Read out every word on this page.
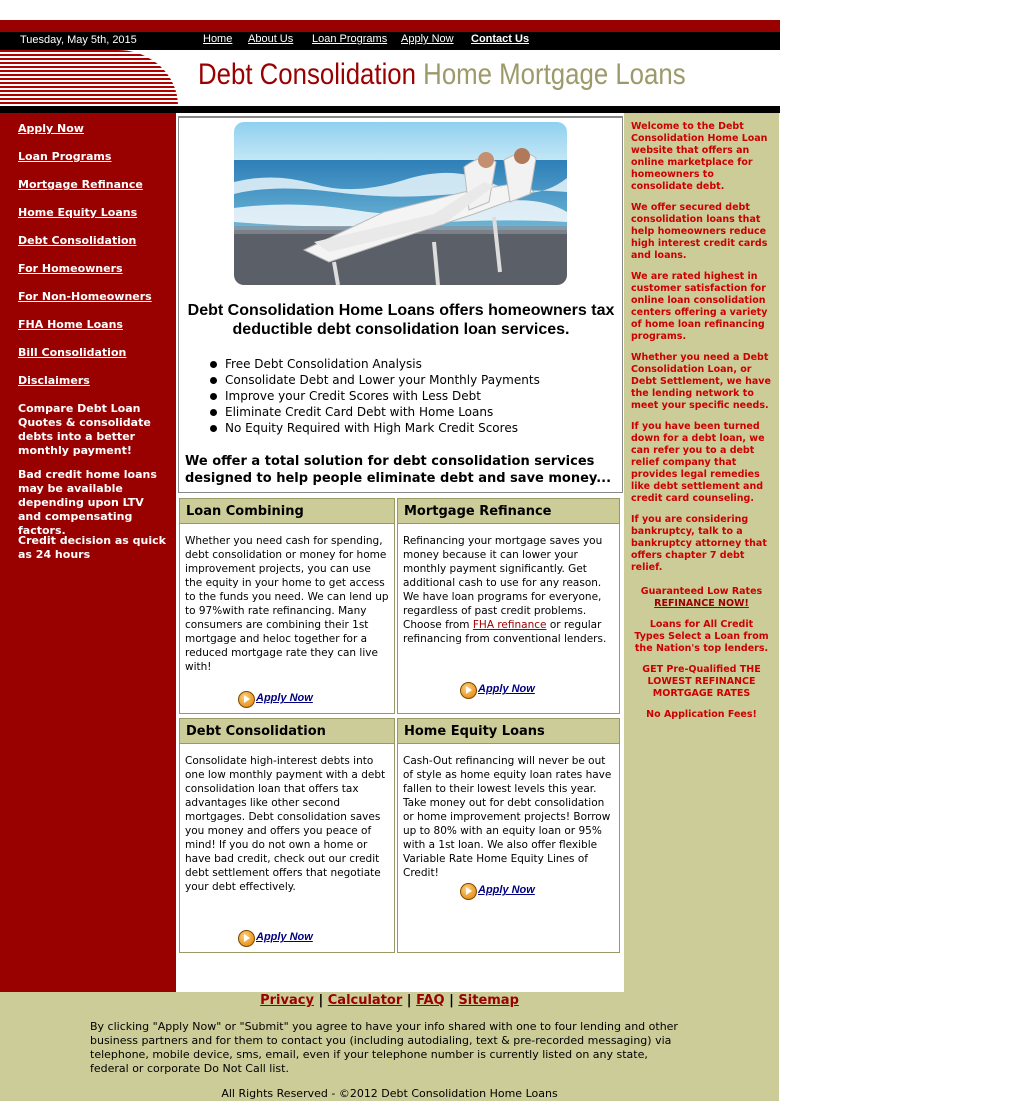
Tuesday, May 5th, 2015	Home About Us Loan Programs Apply Now Contact Us
Debt Consolidation Home Mortgage Loans
Apply Now
Loan Programs
Mortgage Refinance
Home Equity Loans
Debt Consolidation
For Homeowners
For Non-Homeowners
FHA Home Loans
Bill Consolidation
Disclaimers
Compare Debt Loan Quotes & consolidate debts into a better monthly payment!
Bad credit home loans may be available depending upon LTV and compensating factors.
Credit decision as quick as 24 hours
Welcome to the Debt Consolidation Home Loan website that offers an online marketplace for homeowners to consolidate debt.
We offer secured debt consolidation loans that help homeowners reduce high interest credit cards and loans.
We are rated highest in customer satisfaction for online loan consolidation centers offering a variety of home loan refinancing programs.
Whether you need a Debt Consolidation Loan, or Debt Settlement, we have the lending network to meet your specific needs.
If you have been turned down for a debt loan, we can refer you to a debt relief company that provides legal remedies like debt settlement and credit card counseling.
If you are considering bankruptcy, talk to a bankruptcy attorney that offers chapter 7 debt relief.
Guaranteed Low Rates
REFINANCE NOW!
Loans for All Credit Types Select a Loan from the Nation's top lenders.
GET Pre-Qualified THE LOWEST REFINANCE MORTGAGE RATES
No Application Fees!
Debt Consolidation Home Loans offers homeowners tax deductible debt consolidation loan services.
Free Debt Consolidation Analysis
Consolidate Debt and Lower your Monthly Payments
Improve your Credit Scores with Less Debt
Eliminate Credit Card Debt with Home Loans
No Equity Required with High Mark Credit Scores
We offer a total solution for debt consolidation services designed to help people eliminate debt and save money...
Loan Combining
Whether you need cash for spending, debt consolidation or money for home improvement projects, you can use the equity in your home to get access to the funds you need. We can lend up to 97%with rate refinancing. Many consumers are combining their 1st mortgage and heloc together for a reduced mortgage rate they can live with!
Apply Now
Mortgage Refinance
Refinancing your mortgage saves you money because it can lower your monthly payment significantly. Get additional cash to use for any reason. We have loan programs for everyone, regardless of past credit problems. Choose from FHA refinance or regular refinancing from conventional lenders.
Apply Now
Debt Consolidation
Consolidate high-interest debts into one low monthly payment with a debt consolidation loan that offers tax advantages like other second mortgages. Debt consolidation saves you money and offers you peace of mind! If you do not own a home or have bad credit, check out our credit debt settlement offers that negotiate your debt effectively.
Apply Now
Home Equity Loans
Cash-Out refinancing will never be out of style as home equity loan rates have fallen to their lowest levels this year. Take money out for debt consolidation or home improvement projects! Borrow up to 80% with an equity loan or 95% with a 1st loan. We also offer flexible Variable Rate Home Equity Lines of Credit!
Apply Now
Privacy | Calculator | FAQ | Sitemap
By clicking "Apply Now" or "Submit" you agree to have your info shared with one to four lending and other business partners and for them to contact you (including autodialing, text & pre-recorded messaging) via telephone, mobile device, sms, email, even if your telephone number is currently listed on any state, federal or corporate Do Not Call list.
All Rights Reserved - ©2012 Debt Consolidation Home Loans
